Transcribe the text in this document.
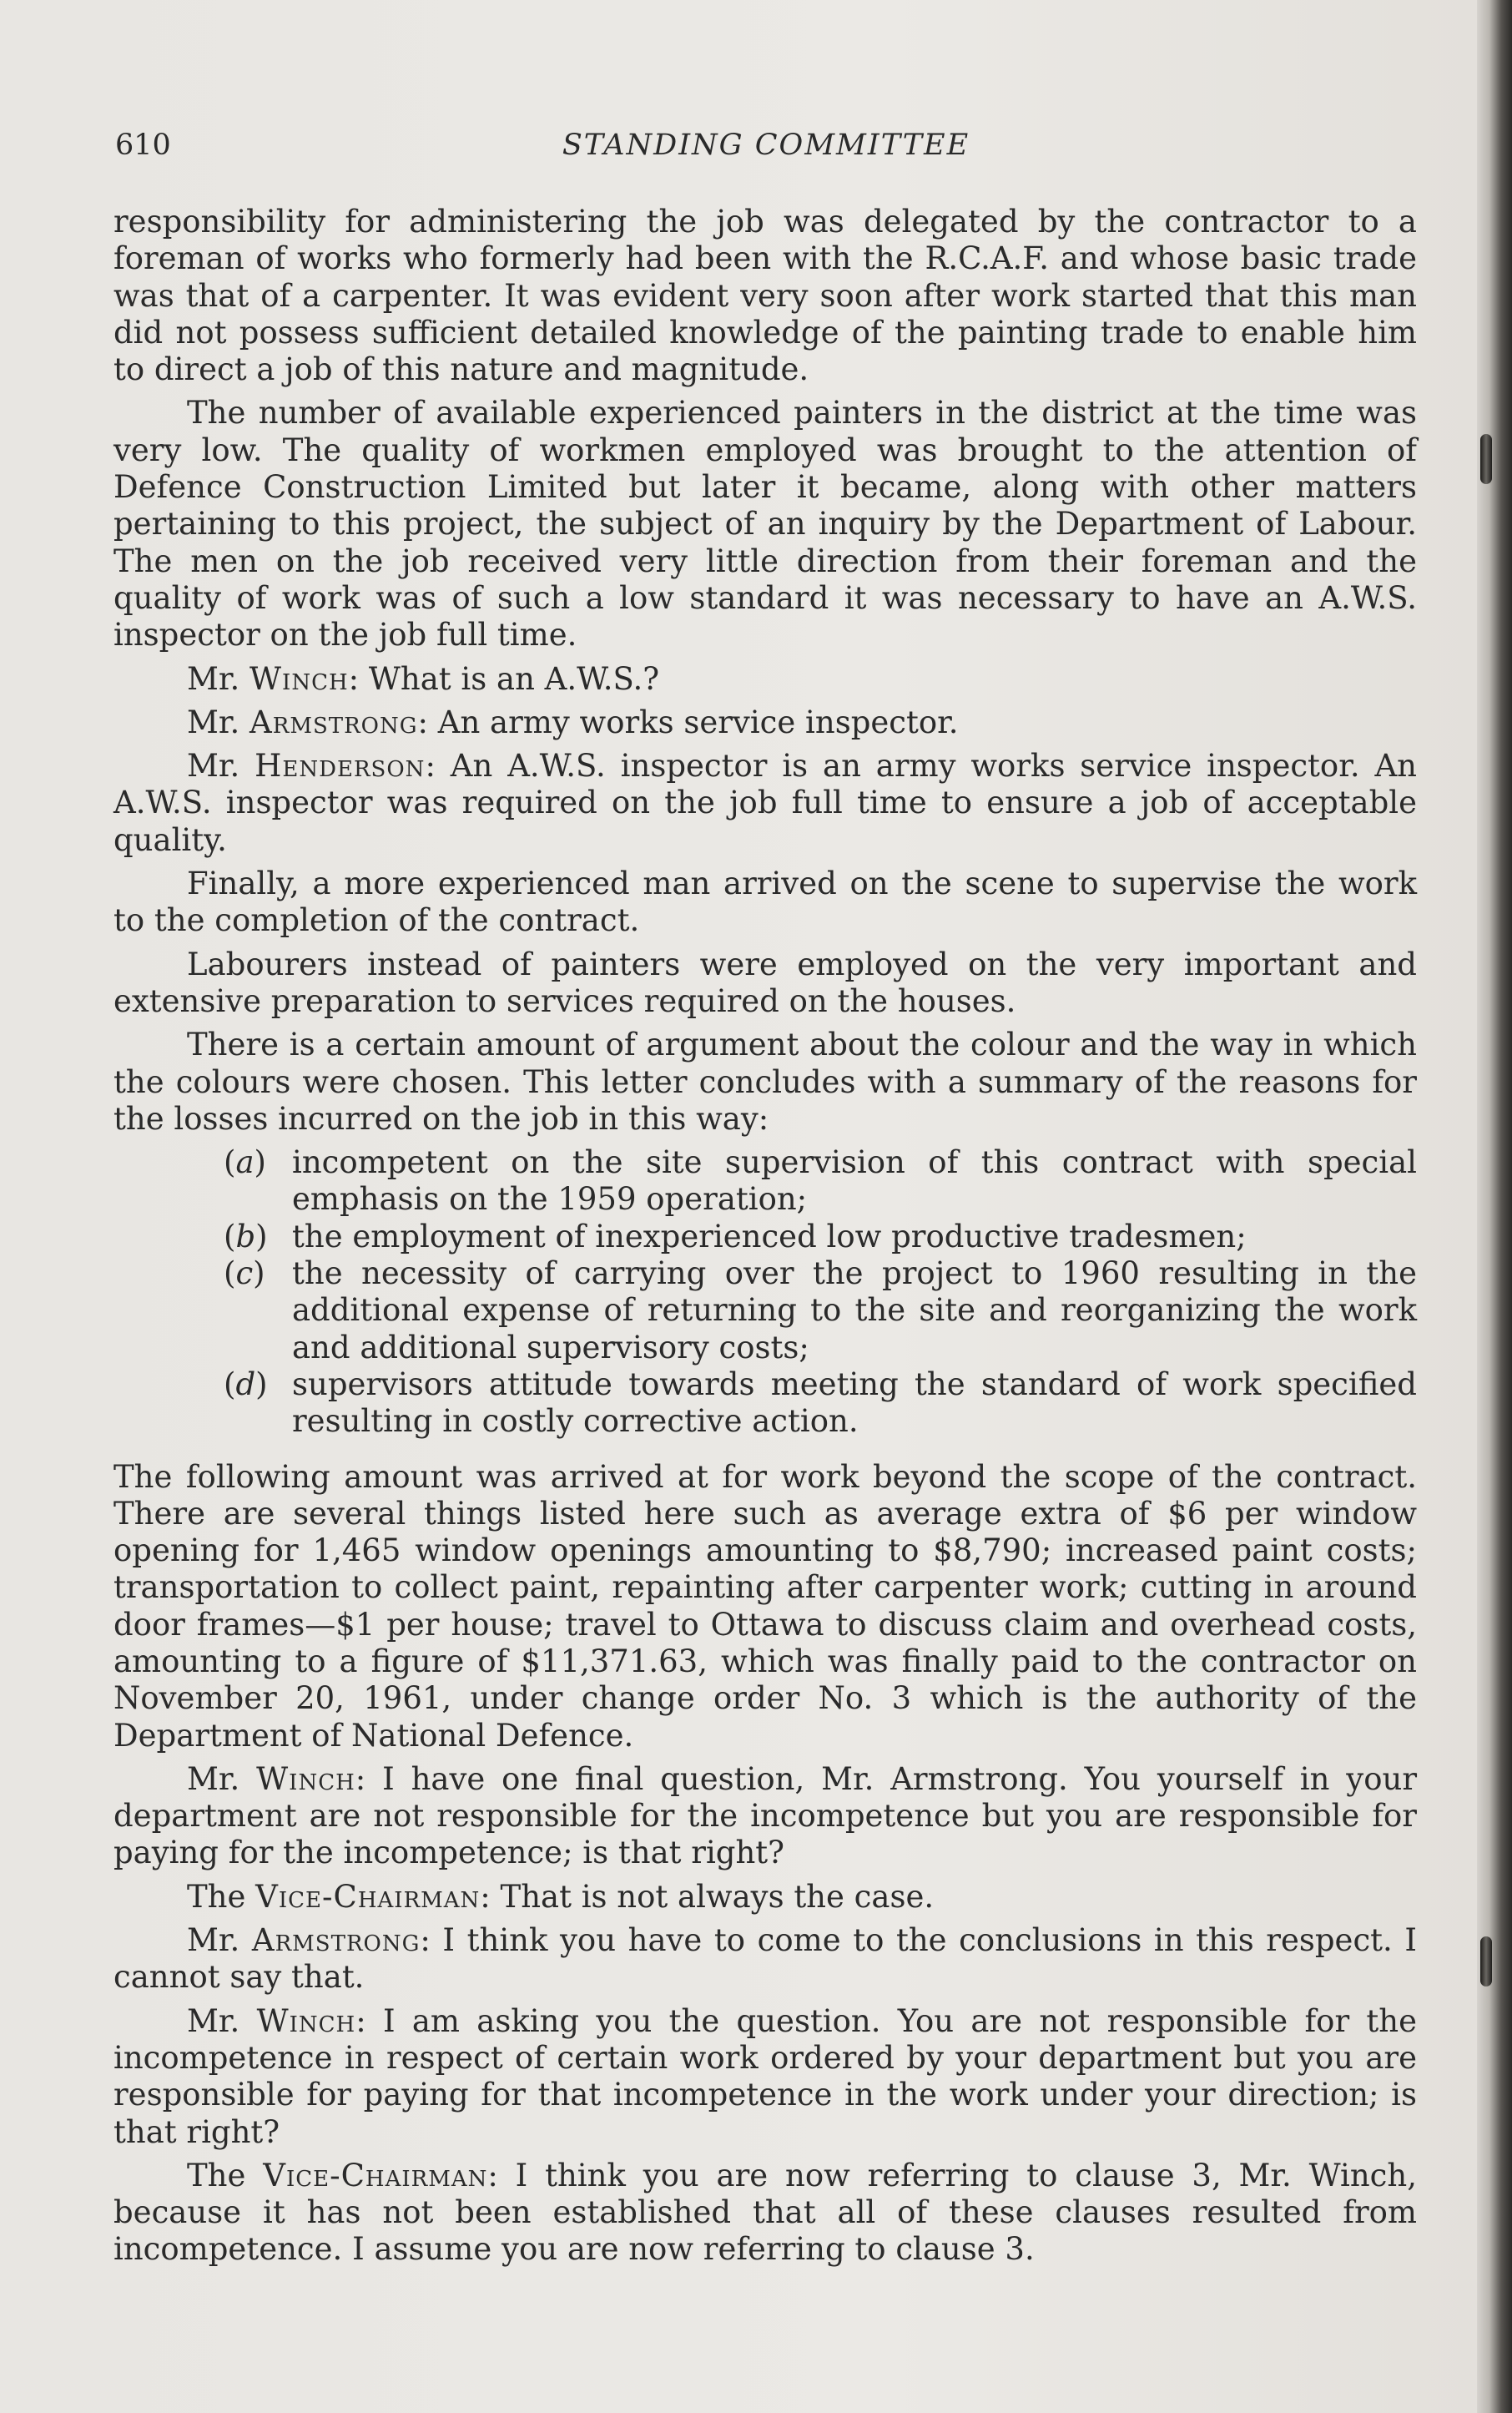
610	STANDING COMMITTEE

responsibility for administering the job was delegated by the contractor to a foreman of works who formerly had been with the R.C.A.F. and whose basic trade was that of a carpenter. It was evident very soon after work started that this man did not possess sufficient detailed knowledge of the painting trade to enable him to direct a job of this nature and magnitude.

The number of available experienced painters in the district at the time was very low. The quality of workmen employed was brought to the attention of Defence Construction Limited but later it became, along with other matters pertaining to this project, the subject of an inquiry by the Department of Labour. The men on the job received very little direction from their foreman and the quality of work was of such a low standard it was necessary to have an A.W.S. inspector on the job full time.

Mr. Winch: What is an A.W.S.?

Mr. Armstrong: An army works service inspector.

Mr. Henderson: An A.W.S. inspector is an army works service inspector. An A.W.S. inspector was required on the job full time to ensure a job of acceptable quality.

Finally, a more experienced man arrived on the scene to supervise the work to the completion of the contract.

Labourers instead of painters were employed on the very important and extensive preparation to services required on the houses.

There is a certain amount of argument about the colour and the way in which the colours were chosen. This letter concludes with a summary of the reasons for the losses incurred on the job in this way:

(a) incompetent on the site supervision of this contract with special emphasis on the 1959 operation;
(b) the employment of inexperienced low productive tradesmen;
(c) the necessity of carrying over the project to 1960 resulting in the additional expense of returning to the site and reorganizing the work and additional supervisory costs;
(d) supervisors attitude towards meeting the standard of work specified resulting in costly corrective action.

The following amount was arrived at for work beyond the scope of the contract. There are several things listed here such as average extra of $6 per window opening for 1,465 window openings amounting to $8,790; increased paint costs; transportation to collect paint, repainting after carpenter work; cutting in around door frames—$1 per house; travel to Ottawa to discuss claim and overhead costs, amounting to a figure of $11,371.63, which was finally paid to the contractor on November 20, 1961, under change order No. 3 which is the authority of the Department of National Defence.

Mr. Winch: I have one final question, Mr. Armstrong. You yourself in your department are not responsible for the incompetence but you are responsible for paying for the incompetence; is that right?

The Vice-Chairman: That is not always the case.

Mr. Armstrong: I think you have to come to the conclusions in this respect. I cannot say that.

Mr. Winch: I am asking you the question. You are not responsible for the incompetence in respect of certain work ordered by your department but you are responsible for paying for that incompetence in the work under your direction; is that right?

The Vice-Chairman: I think you are now referring to clause 3, Mr. Winch, because it has not been established that all of these clauses resulted from incompetence. I assume you are now referring to clause 3.
